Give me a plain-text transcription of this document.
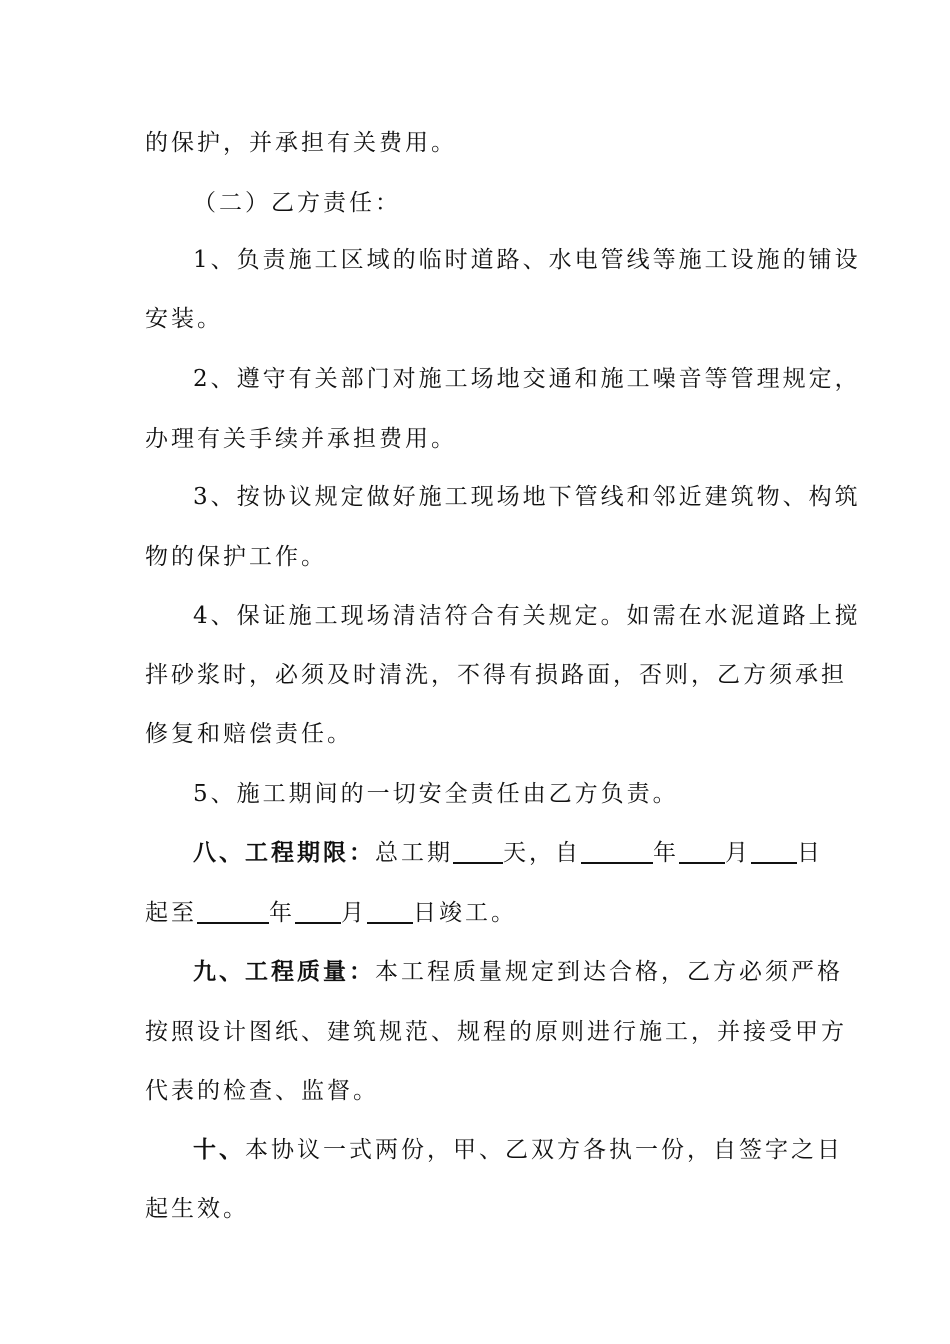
的保护，并承担有关费用。
（二）乙方责任：
1、负责施工区域的临时道路、水电管线等施工设施的铺设
安装。
2、遵守有关部门对施工场地交通和施工噪音等管理规定，
办理有关手续并承担费用。
3、按协议规定做好施工现场地下管线和邻近建筑物、构筑
物的保护工作。
4、保证施工现场清洁符合有关规定。如需在水泥道路上搅
拌砂浆时，必须及时清洗，不得有损路面，否则，乙方须承担
修复和赔偿责任。
5、施工期间的一切安全责任由乙方负责。
八、工程期限：总工期 天，自	年 月 日
起至	年 月 日竣工。
九、工程质量：本工程质量规定到达合格，乙方必须严格
按照设计图纸、建筑规范、规程的原则进行施工，并接受甲方
代表的检查、监督。
十、本协议一式两份，甲、乙双方各执一份，自签字之日
起生效。
